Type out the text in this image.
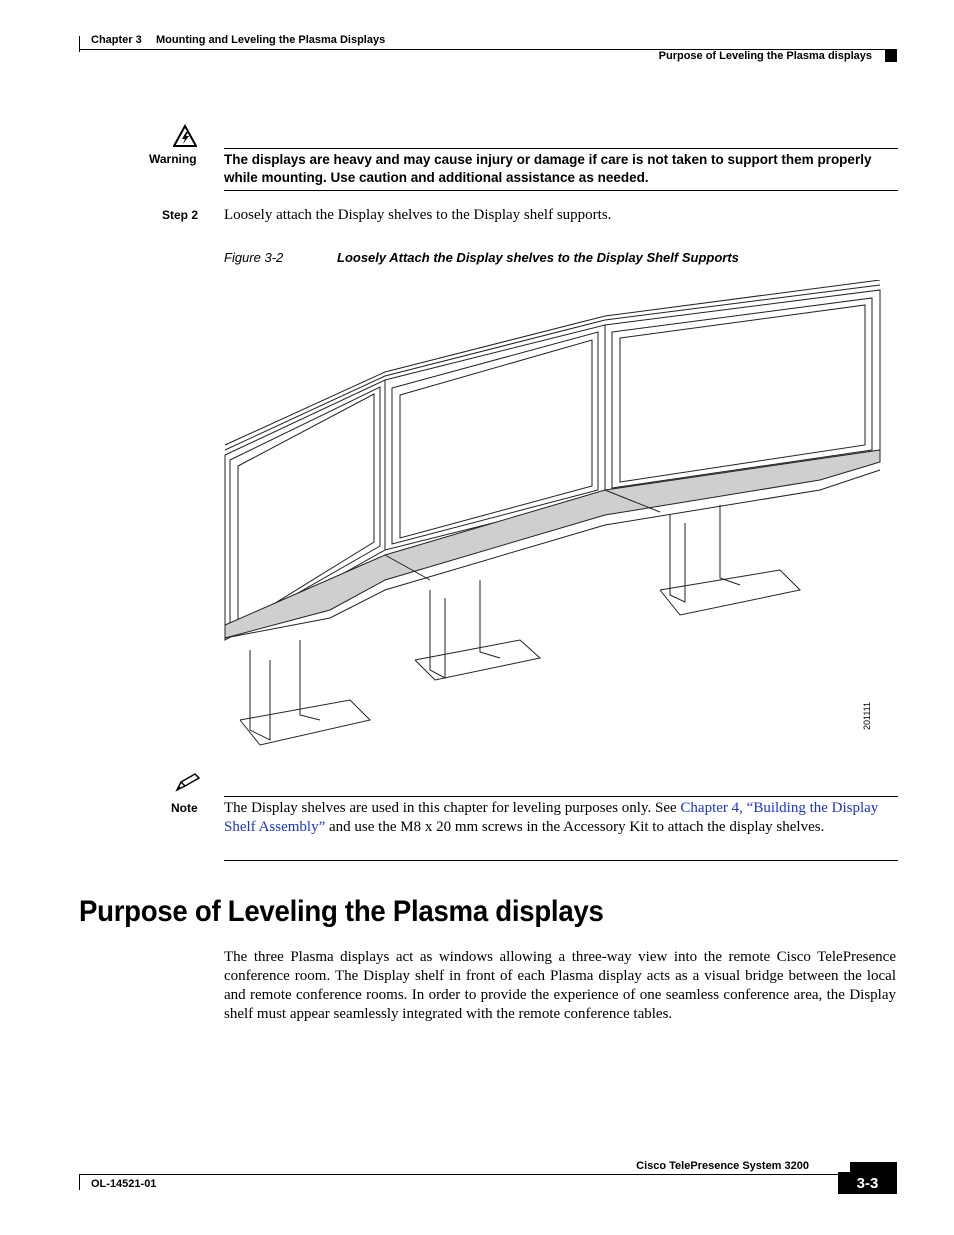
Chapter 3 Mounting and Leveling the Plasma Displays
Purpose of Leveling the Plasma displays
Warning The displays are heavy and may cause injury or damage if care is not taken to support them properly while mounting. Use caution and additional assistance as needed.
Step 2 Loosely attach the Display shelves to the Display shelf supports.
Figure 3-2	Loosely Attach the Display shelves to the Display Shelf Supports
201111
Note The Display shelves are used in this chapter for leveling purposes only. See Chapter 4, “Building the Display Shelf Assembly” and use the M8 x 20 mm screws in the Accessory Kit to attach the display shelves.
Purpose of Leveling the Plasma displays
The three Plasma displays act as windows allowing a three-way view into the remote Cisco TelePresence conference room. The Display shelf in front of each Plasma display acts as a visual bridge between the local and remote conference rooms. In order to provide the experience of one seamless conference area, the Display shelf must appear seamlessly integrated with the remote conference tables.
Cisco TelePresence System 3200
OL-14521-01	3-3
